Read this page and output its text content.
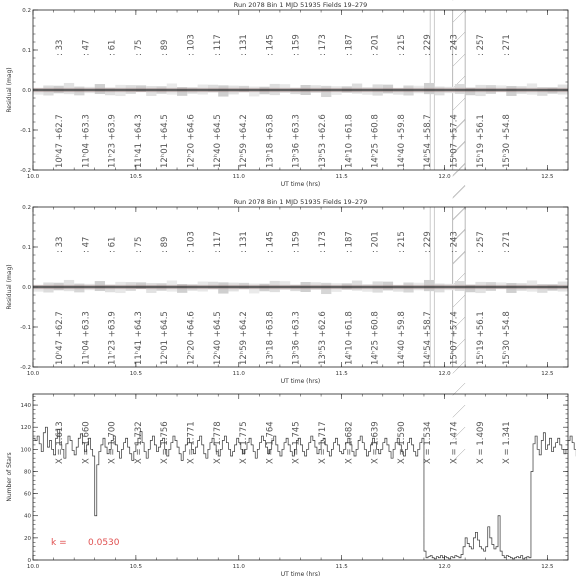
: 33 : 47 : 61 : 75 : 89 : 103 : 117 : 131 : 145 : 159 : 173 : 187 : 201 : 215 : 229 : 243 : 257 : 271
10ʰ47 +62.7 11ʰ04 +63.3 11ʰ23 +63.9 11ʰ41 +64.3 12ʰ01 +64.5 12ʰ20 +64.6 12ʰ40 +64.5 12ʰ59 +64.2 13ʰ18 +63.8 13ʰ36 +63.3 13ʰ53 +62.6 14ʰ10 +61.8 14ʰ25 +60.8 14ʰ40 +59.8 14ʰ54 +58.7 15ʰ07 +57.4 15ʰ19 +56.1 15ʰ30 +54.8
10.0	10.5	11.0	11.5	12.0	12.5
-0.2
-0.1
0.0
0.1
0.2
UT time (hrs)
Residual (mag)
Run 2078 Bin 1 MJD 51935 Fields 19–279
: 33 : 47 : 61 : 75 : 89 : 103 : 117 : 131 : 145 : 159 : 173 : 187 : 201 : 215 : 229 : 243 : 257 : 271
10ʰ47 +62.7 11ʰ04 +63.3 11ʰ23 +63.9 11ʰ41 +64.3 12ʰ01 +64.5 12ʰ20 +64.6 12ʰ40 +64.5 12ʰ59 +64.2 13ʰ18 +63.8 13ʰ36 +63.3 13ʰ53 +62.6 14ʰ10 +61.8 14ʰ25 +60.8 14ʰ40 +59.8 14ʰ54 +58.7 15ʰ07 +57.4 15ʰ19 +56.1 15ʰ30 +54.8
10.0	10.5	11.0	11.5	12.0	12.5
-0.2
-0.1
0.0
0.1
0.2
UT time (hrs)
Residual (mag)
Run 2078 Bin 1 MJD 51935 Fields 19–279
X = 1.613 X = 1.660 X = 1.700 X = 1.732 X = 1.756 X = 1.771 X = 1.778 X = 1.775 X = 1.764 X = 1.745 X = 1.717 X = 1.682 X = 1.639 X = 1.590 X = 1.534 X = 1.474 X = 1.409 X = 1.341
k = 0.0530
10.0	10.5	11.0	11.5	12.0	12.5
0
20
40
60
80
100
120
140
UT time (hrs)
Number of Stars
